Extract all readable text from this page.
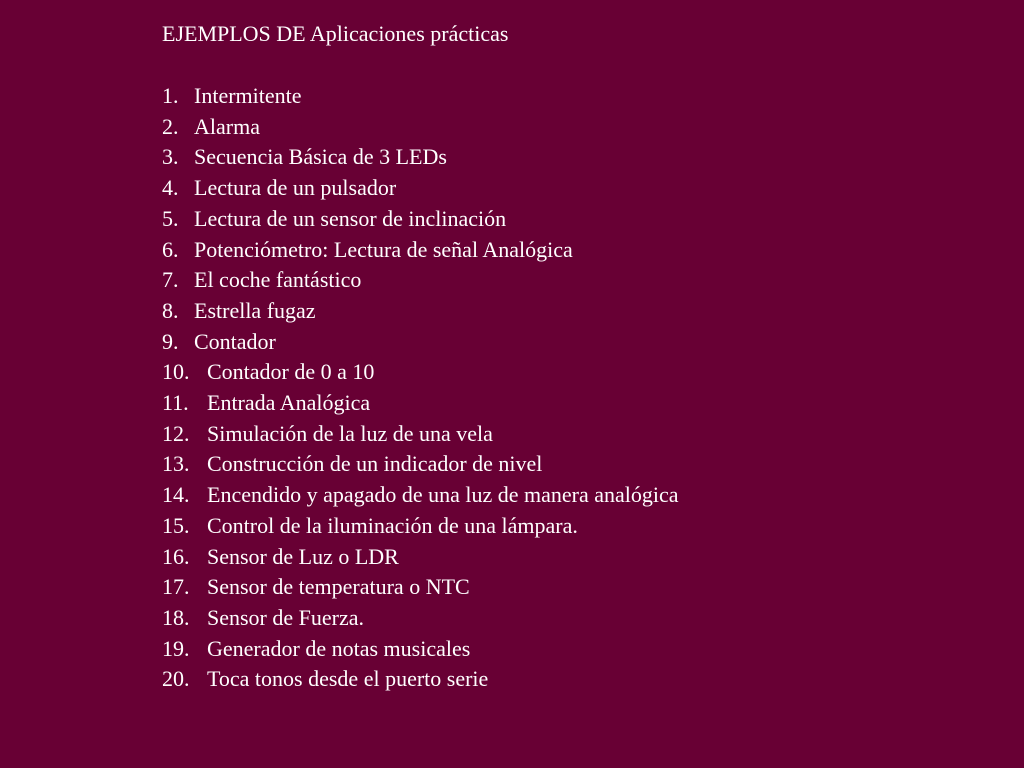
EJEMPLOS DE Aplicaciones prácticas
1. Intermitente
2. Alarma
3. Secuencia Básica de 3 LEDs
4. Lectura de un pulsador
5. Lectura de un sensor de inclinación
6. Potenciómetro: Lectura de señal Analógica
7. El coche fantástico
8. Estrella fugaz
9. Contador
10. Contador de 0 a 10
11. Entrada Analógica
12. Simulación de la luz de una vela
13. Construcción de un indicador de nivel
14. Encendido y apagado de una luz de manera analógica
15. Control de la iluminación de una lámpara.
16. Sensor de Luz o LDR
17. Sensor de temperatura o NTC
18. Sensor de Fuerza.
19. Generador de notas musicales
20. Toca tonos desde el puerto serie
